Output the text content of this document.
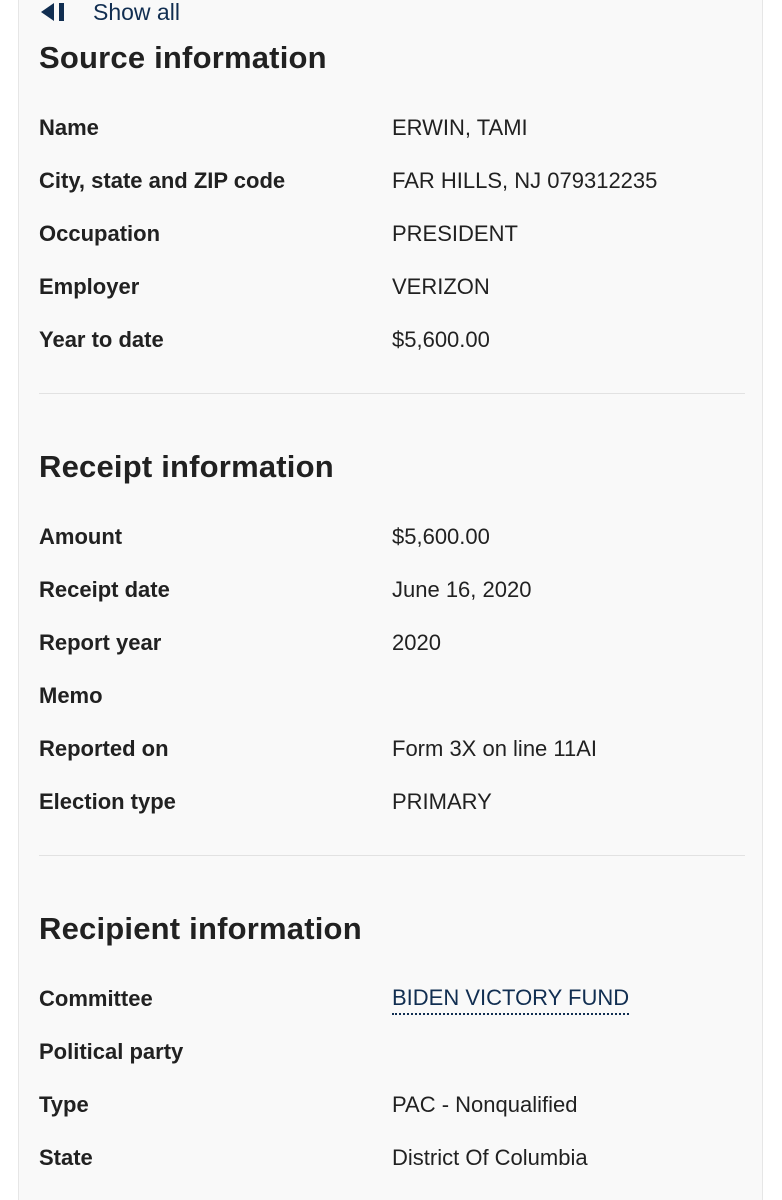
Show all
Source information
Name	ERWIN, TAMI
City, state and ZIP code	FAR HILLS, NJ 079312235
Occupation	PRESIDENT
Employer	VERIZON
Year to date	$5,600.00
Receipt information
Amount	$5,600.00
Receipt date	June 16, 2020
Report year	2020
Memo
Reported on	Form 3X on line 11AI
Election type	PRIMARY
Recipient information
Committee	BIDEN VICTORY FUND
Political party
Type	PAC - Nonqualified
State	District Of Columbia
